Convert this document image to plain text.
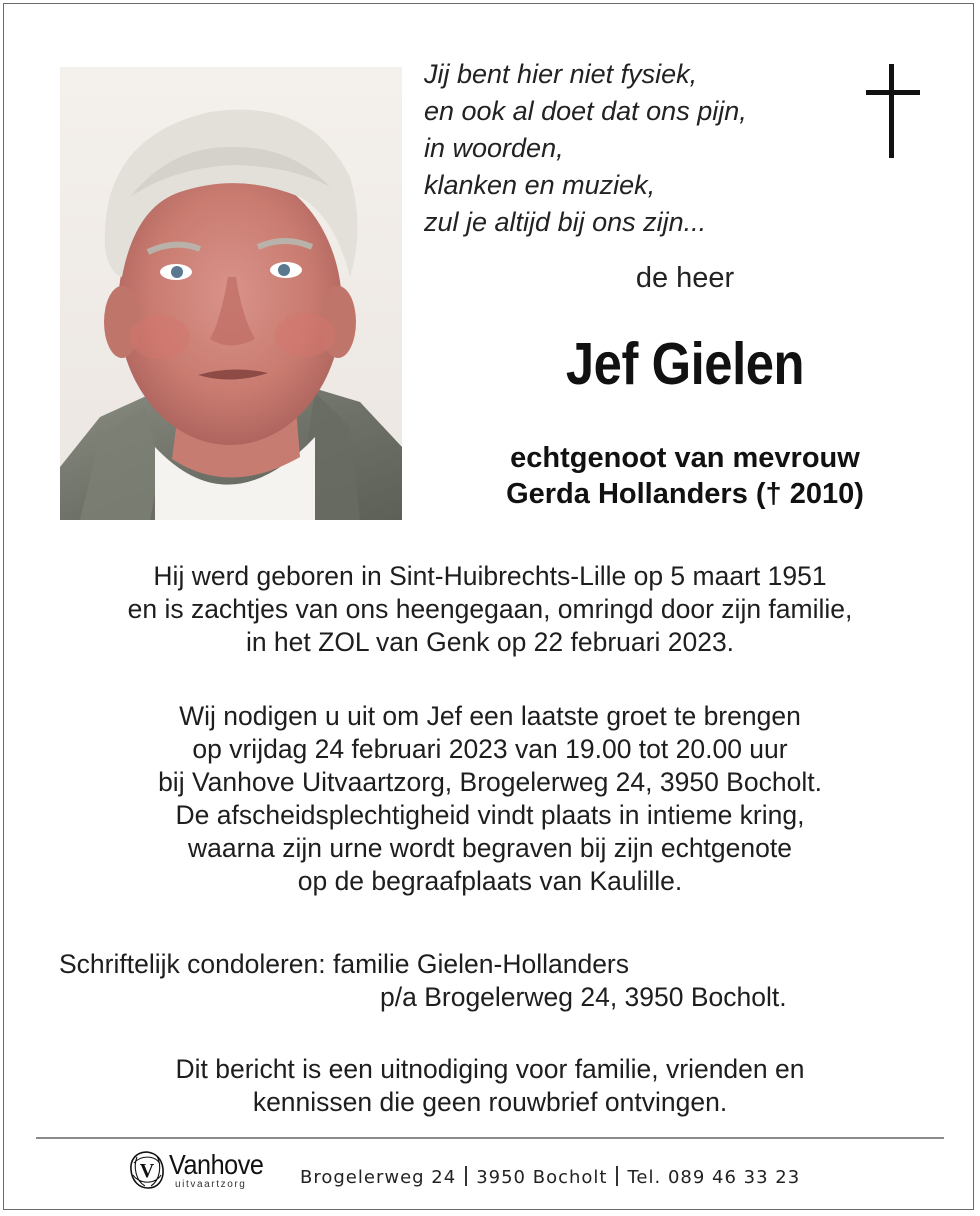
Jij bent hier niet fysiek,
en ook al doet dat ons pijn,
in woorden,
klanken en muziek,
zul je altijd bij ons zijn...
de heer
Jef Gielen
echtgenoot van mevrouw
Gerda Hollanders († 2010)
Hij werd geboren in Sint-Huibrechts-Lille op 5 maart 1951
en is zachtjes van ons heengegaan, omringd door zijn familie,
in het ZOL van Genk op 22 februari 2023.
Wij nodigen u uit om Jef een laatste groet te brengen
op vrijdag 24 februari 2023 van 19.00 tot 20.00 uur
bij Vanhove Uitvaartzorg, Brogelerweg 24, 3950 Bocholt.
De afscheidsplechtigheid vindt plaats in intieme kring,
waarna zijn urne wordt begraven bij zijn echtgenote
op de begraafplaats van Kaulille.
Schriftelijk condoleren: familie Gielen-Hollanders
p/a Brogelerweg 24, 3950 Bocholt.
Dit bericht is een uitnodiging voor familie, vrienden en
kennissen die geen rouwbrief ontvingen.
V Vanhove
uitvaartzorg	Brogelerweg 24 3950 Bocholt Tel. 089 46 33 23
